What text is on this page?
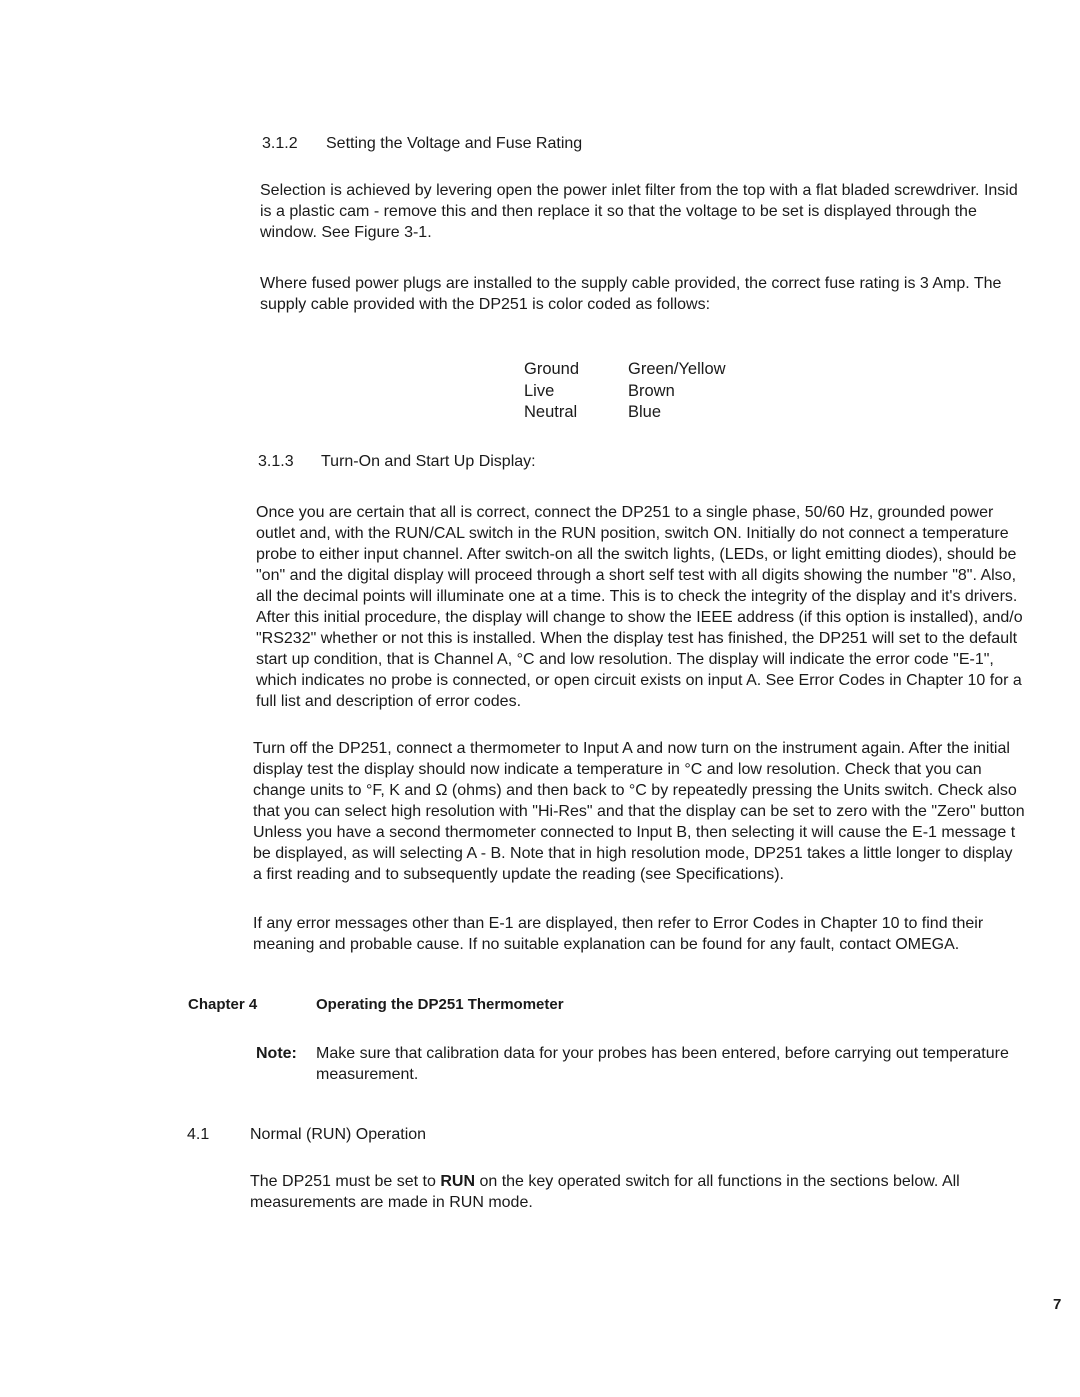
3.1.2 Setting the Voltage and Fuse Rating
Selection is achieved by levering open the power inlet filter from the top with a flat bladed screwdriver. Insid
is a plastic cam - remove this and then replace it so that the voltage to be set is displayed through the
window. See Figure 3-1.
Where fused power plugs are installed to the supply cable provided, the correct fuse rating is 3 Amp. The
supply cable provided with the DP251 is color coded as follows:
Ground	Green/Yellow
Live	Brown
Neutral	Blue
3.1.3 Turn-On and Start Up Display:
Once you are certain that all is correct, connect the DP251 to a single phase, 50/60 Hz, grounded power
outlet and, with the RUN/CAL switch in the RUN position, switch ON. Initially do not connect a temperature
probe to either input channel. After switch-on all the switch lights, (LEDs, or light emitting diodes), should be
"on" and the digital display will proceed through a short self test with all digits showing the number "8". Also,
all the decimal points will illuminate one at a time. This is to check the integrity of the display and it's drivers.
After this initial procedure, the display will change to show the IEEE address (if this option is installed), and/o
"RS232" whether or not this is installed. When the display test has finished, the DP251 will set to the default
start up condition, that is Channel A, °C and low resolution. The display will indicate the error code "E-1",
which indicates no probe is connected, or open circuit exists on input A. See Error Codes in Chapter 10 for a
full list and description of error codes.
Turn off the DP251, connect a thermometer to Input A and now turn on the instrument again. After the initial
display test the display should now indicate a temperature in °C and low resolution. Check that you can
change units to °F, K and Ω (ohms) and then back to °C by repeatedly pressing the Units switch. Check also
that you can select high resolution with "Hi-Res" and that the display can be set to zero with the "Zero" button
Unless you have a second thermometer connected to Input B, then selecting it will cause the E-1 message t
be displayed, as will selecting A - B. Note that in high resolution mode, DP251 takes a little longer to display
a first reading and to subsequently update the reading (see Specifications).
If any error messages other than E-1 are displayed, then refer to Error Codes in Chapter 10 to find their
meaning and probable cause. If no suitable explanation can be found for any fault, contact OMEGA.
Chapter 4	Operating the DP251 Thermometer
Note: Make sure that calibration data for your probes has been entered, before carrying out temperature
measurement.
4.1	Normal (RUN) Operation
The DP251 must be set to RUN on the key operated switch for all functions in the sections below. All
measurements are made in RUN mode.
7
